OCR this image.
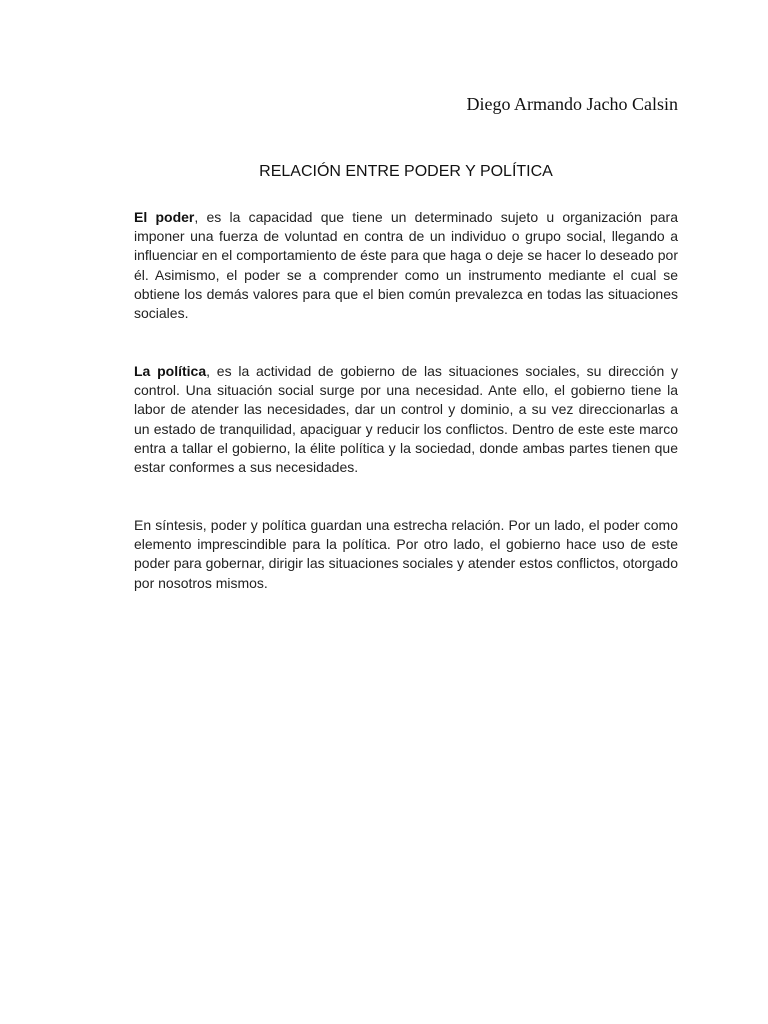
Diego Armando Jacho Calsin
RELACIÓN ENTRE PODER Y POLÍTICA

El poder, es la capacidad que tiene un determinado sujeto u organización para imponer una fuerza de voluntad en contra de un individuo o grupo social, llegando a influenciar en el comportamiento de éste para que haga o deje se hacer lo deseado por él. Asimismo, el poder se a comprender como un instrumento mediante el cual se obtiene los demás valores para que el bien común prevalezca en todas las situaciones sociales.

La política, es la actividad de gobierno de las situaciones sociales, su dirección y control. Una situación social surge por una necesidad. Ante ello, el gobierno tiene la labor de atender las necesidades, dar un control y dominio, a su vez direccionarlas a un estado de tranquilidad, apaciguar y reducir los conflictos. Dentro de este este marco entra a tallar el gobierno, la élite política y la sociedad, donde ambas partes tienen que estar conformes a sus necesidades.

En síntesis, poder y política guardan una estrecha relación. Por un lado, el poder como elemento imprescindible para la política. Por otro lado, el gobierno hace uso de este poder para gobernar, dirigir las situaciones sociales y atender estos conflictos, otorgado por nosotros mismos.
